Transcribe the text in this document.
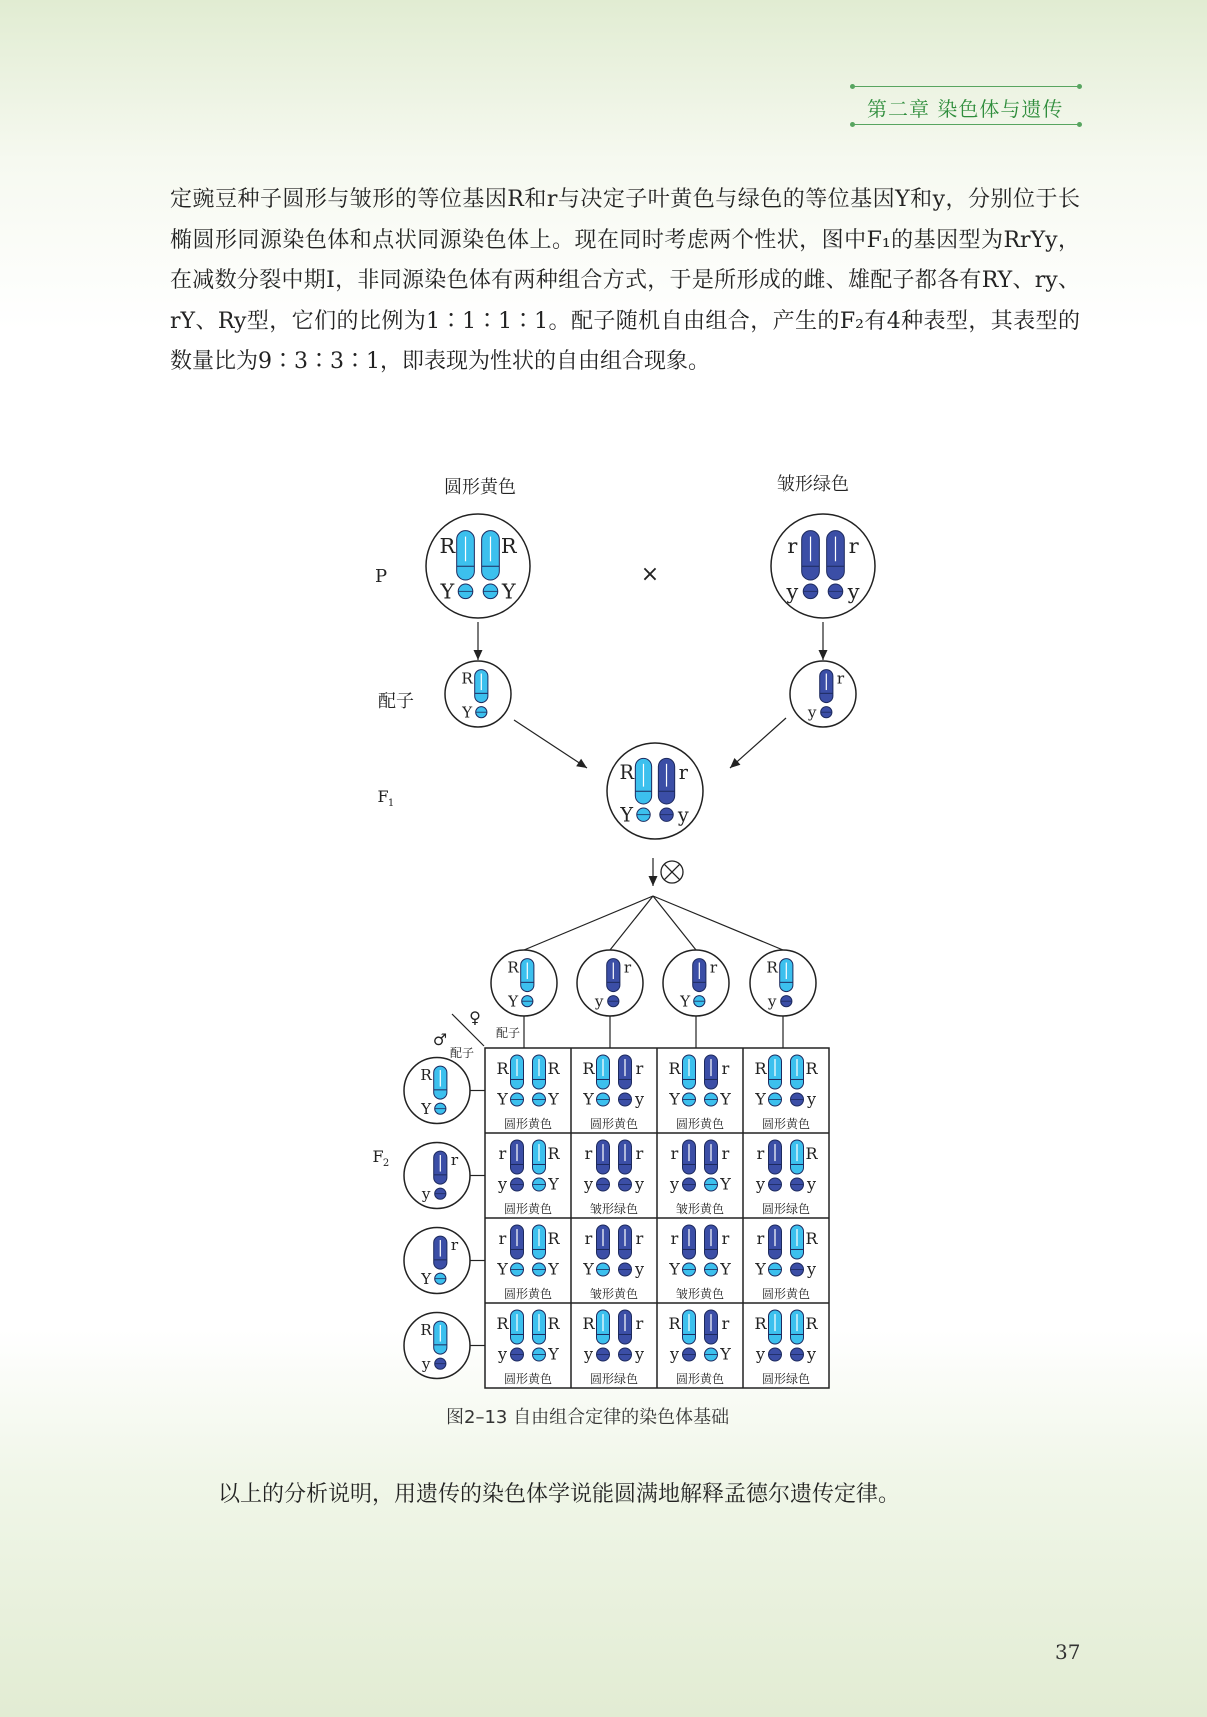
第二章 染色体与遗传

定豌豆种子圆形与皱形的等位基因R和r与决定子叶黄色与绿色的等位基因Y和y，分别位于长椭圆形同源染色体和点状同源染色体上。现在同时考虑两个性状，图中F₁的基因型为RrYy，在减数分裂中期Ⅰ，非同源染色体有两种组合方式，于是所形成的雌、雄配子都各有RY、ry、rY、Ry型，它们的比例为1∶1∶1∶1。配子随机自由组合，产生的F₂有4种表型，其表型的数量比为9∶3∶3∶1，即表现为性状的自由组合现象。

圆形黄色	皱形绿色
P
R
Y
R
Y
r
y
r
y
×
配子
R
Y
r
y
F 1
R
Y
r
y
R
Y
r
y
r
Y
R
y
♀
配子
♂
配子
R
Y
r
y
r
Y
R
y
F 2
R
Y
R
Y
圆形黄色
R
Y
r
y
圆形黄色
R
Y
r
Y
圆形黄色
R
Y
R
y
圆形黄色
r
y
R
Y
圆形黄色
r
y
r
y
皱形绿色
r
y
r
Y
皱形黄色
r
y
R
y
圆形绿色
r
Y
R
Y
圆形黄色
r
Y
r
y
皱形黄色
r
Y
r
Y
皱形黄色
r
Y
R
y
圆形黄色
R
y
R
Y
圆形黄色
R
y
r
y
圆形绿色
R
y
r
Y
圆形黄色
R
y
R
y
圆形绿色
图2–13 自由组合定律的染色体基础

以上的分析说明，用遗传的染色体学说能圆满地解释孟德尔遗传定律。

37
